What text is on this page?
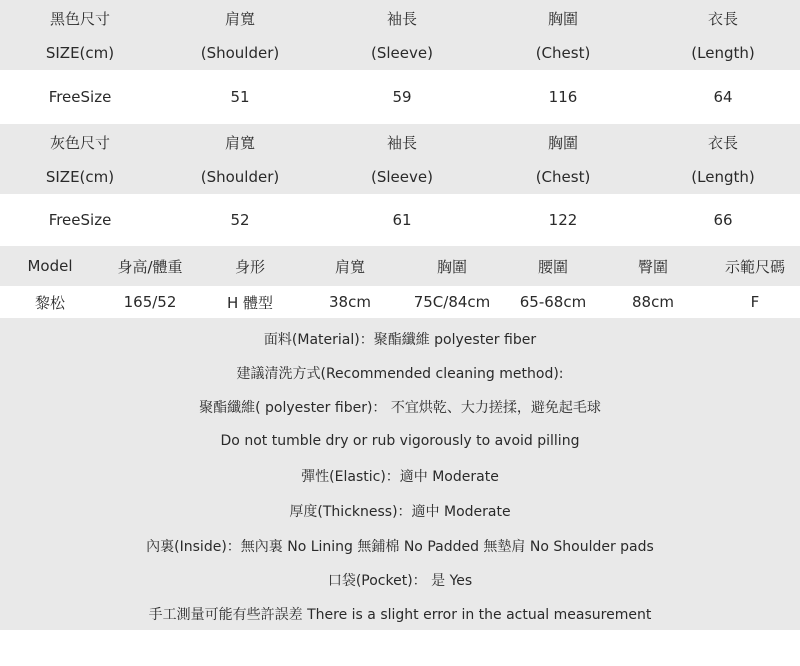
黑色尺寸	肩寬	袖長	胸圍	衣長
SIZE(cm)	(Shoulder)	(Sleeve)	(Chest)	(Length)
FreeSize	51	59	116	64
灰色尺寸	肩寬	袖長	胸圍	衣長
SIZE(cm)	(Shoulder)	(Sleeve)	(Chest)	(Length)
FreeSize	52	61	122	66
Model	身高/體重	身形	肩寬	胸圍	腰圍	臀圍	示範尺碼
黎松	165/52	H 體型	38cm	75C/84cm	65-68cm	88cm	F
面料(Material)：聚酯纖維 polyester fiber
建議清洗方式(Recommended cleaning method):
聚酯纖維( polyester fiber)： 不宜烘乾、大力搓揉，避免起毛球
Do not tumble dry or rub vigorously to avoid pilling
彈性(Elastic)：適中 Moderate
厚度(Thickness)：適中 Moderate
內裏(Inside)：無內裏 No Lining 無鋪棉 No Padded 無墊肩 No Shoulder pads
口袋(Pocket)： 是 Yes
手工測量可能有些許誤差 There is a slight error in the actual measurement
